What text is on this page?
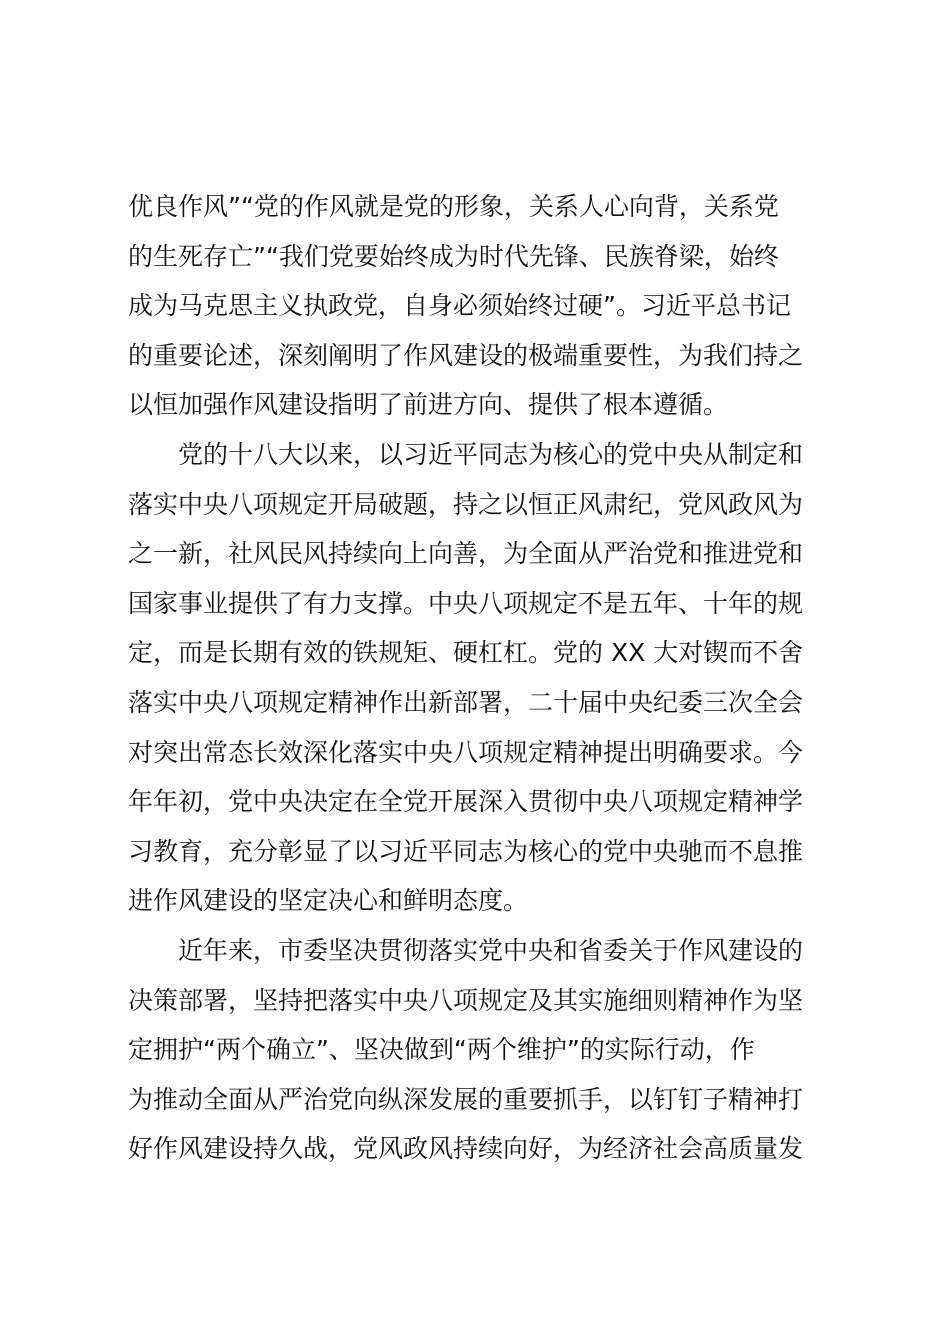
优良作风”“党的作风就是党的形象，关系人心向背，关系党
的生死存亡”“我们党要始终成为时代先锋、民族脊梁，始终
成为马克思主义执政党，自身必须始终过硬”。习近平总书记
的重要论述，深刻阐明了作风建设的极端重要性，为我们持之
以恒加强作风建设指明了前进方向、提供了根本遵循。
党的十八大以来，以习近平同志为核心的党中央从制定和
落实中央八项规定开局破题，持之以恒正风肃纪，党风政风为
之一新，社风民风持续向上向善，为全面从严治党和推进党和
国家事业提供了有力支撑。中央八项规定不是五年、十年的规
定，而是长期有效的铁规矩、硬杠杠。党的 XX 大对锲而不舍
落实中央八项规定精神作出新部署，二十届中央纪委三次全会
对突出常态长效深化落实中央八项规定精神提出明确要求。今
年年初，党中央决定在全党开展深入贯彻中央八项规定精神学
习教育，充分彰显了以习近平同志为核心的党中央驰而不息推
进作风建设的坚定决心和鲜明态度。
近年来，市委坚决贯彻落实党中央和省委关于作风建设的
决策部署，坚持把落实中央八项规定及其实施细则精神作为坚
定拥护“两个确立”、坚决做到“两个维护”的实际行动，作
为推动全面从严治党向纵深发展的重要抓手，以钉钉子精神打
好作风建设持久战，党风政风持续向好，为经济社会高质量发
